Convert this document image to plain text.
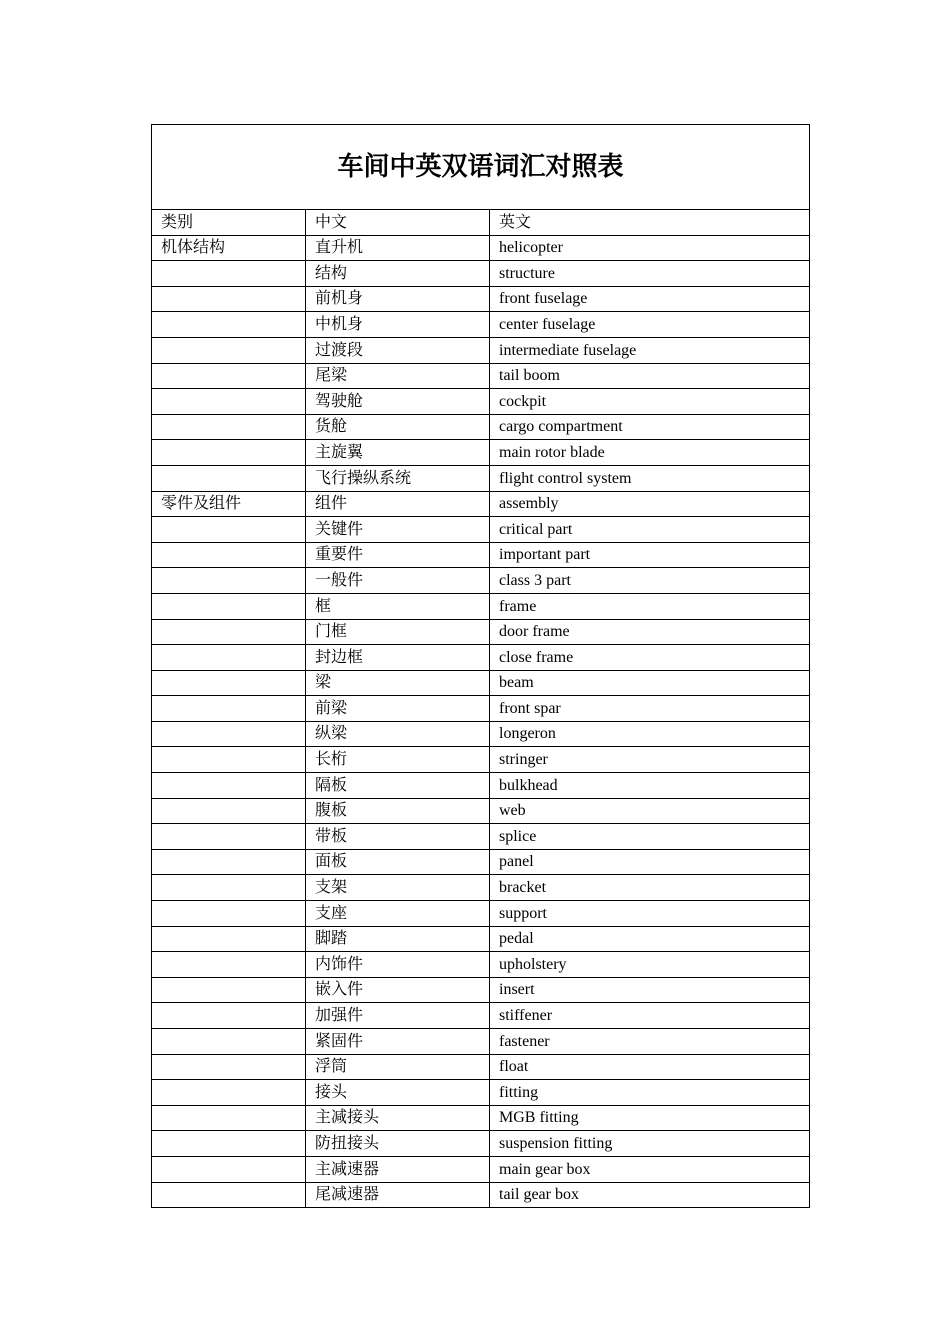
车间中英双语词汇对照表		
类别	中文	英文
机体结构	直升机	helicopter
	结构	structure
	前机身	front fuselage
	中机身	center fuselage
	过渡段	intermediate fuselage
	尾梁	tail boom
	驾驶舱	cockpit
	货舱	cargo compartment
	主旋翼	main rotor blade
	飞行操纵系统	flight control system
零件及组件	组件	assembly
	关键件	critical part
	重要件	important part
	一般件	class 3 part
	框	frame
	门框	door frame
	封边框	close frame
	梁	beam
	前梁	front spar
	纵梁	longeron
	长桁	stringer
	隔板	bulkhead
	腹板	web
	带板	splice
	面板	panel
	支架	bracket
	支座	support
	脚踏	pedal
	内饰件	upholstery
	嵌入件	insert
	加强件	stiffener
	紧固件	fastener
	浮筒	float
	接头	fitting
	主减接头	MGB fitting
	防扭接头	suspension fitting
	主减速器	main gear box
	尾减速器	tail gear box
